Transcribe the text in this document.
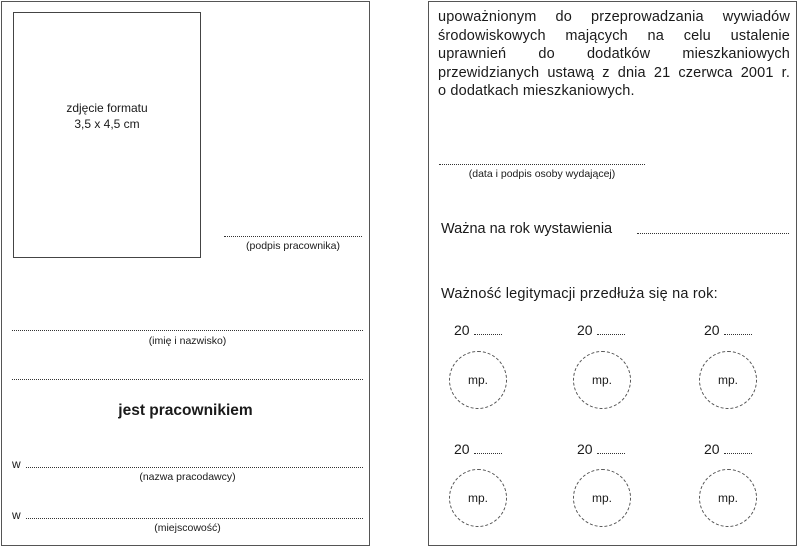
zdjęcie formatu
3,5 x 4,5 cm
(podpis pracownika)
(imię i nazwisko)
jest pracownikiem
w
(nazwa pracodawcy)
w
(miejscowość)

upoważnionym do przeprowadzania wywiadów
środowiskowych mających na celu ustalenie
uprawnień do dodatków mieszkaniowych
przewidzianych ustawą z dnia 21 czerwca 2001 r.
o dodatkach mieszkaniowych.

(data i podpis osoby wydającej)
Ważna na rok wystawienia
Ważność legitymacji przedłuża się na rok:
20	20	20
mp.	mp.	mp.
20	20	20
mp.	mp.	mp.
